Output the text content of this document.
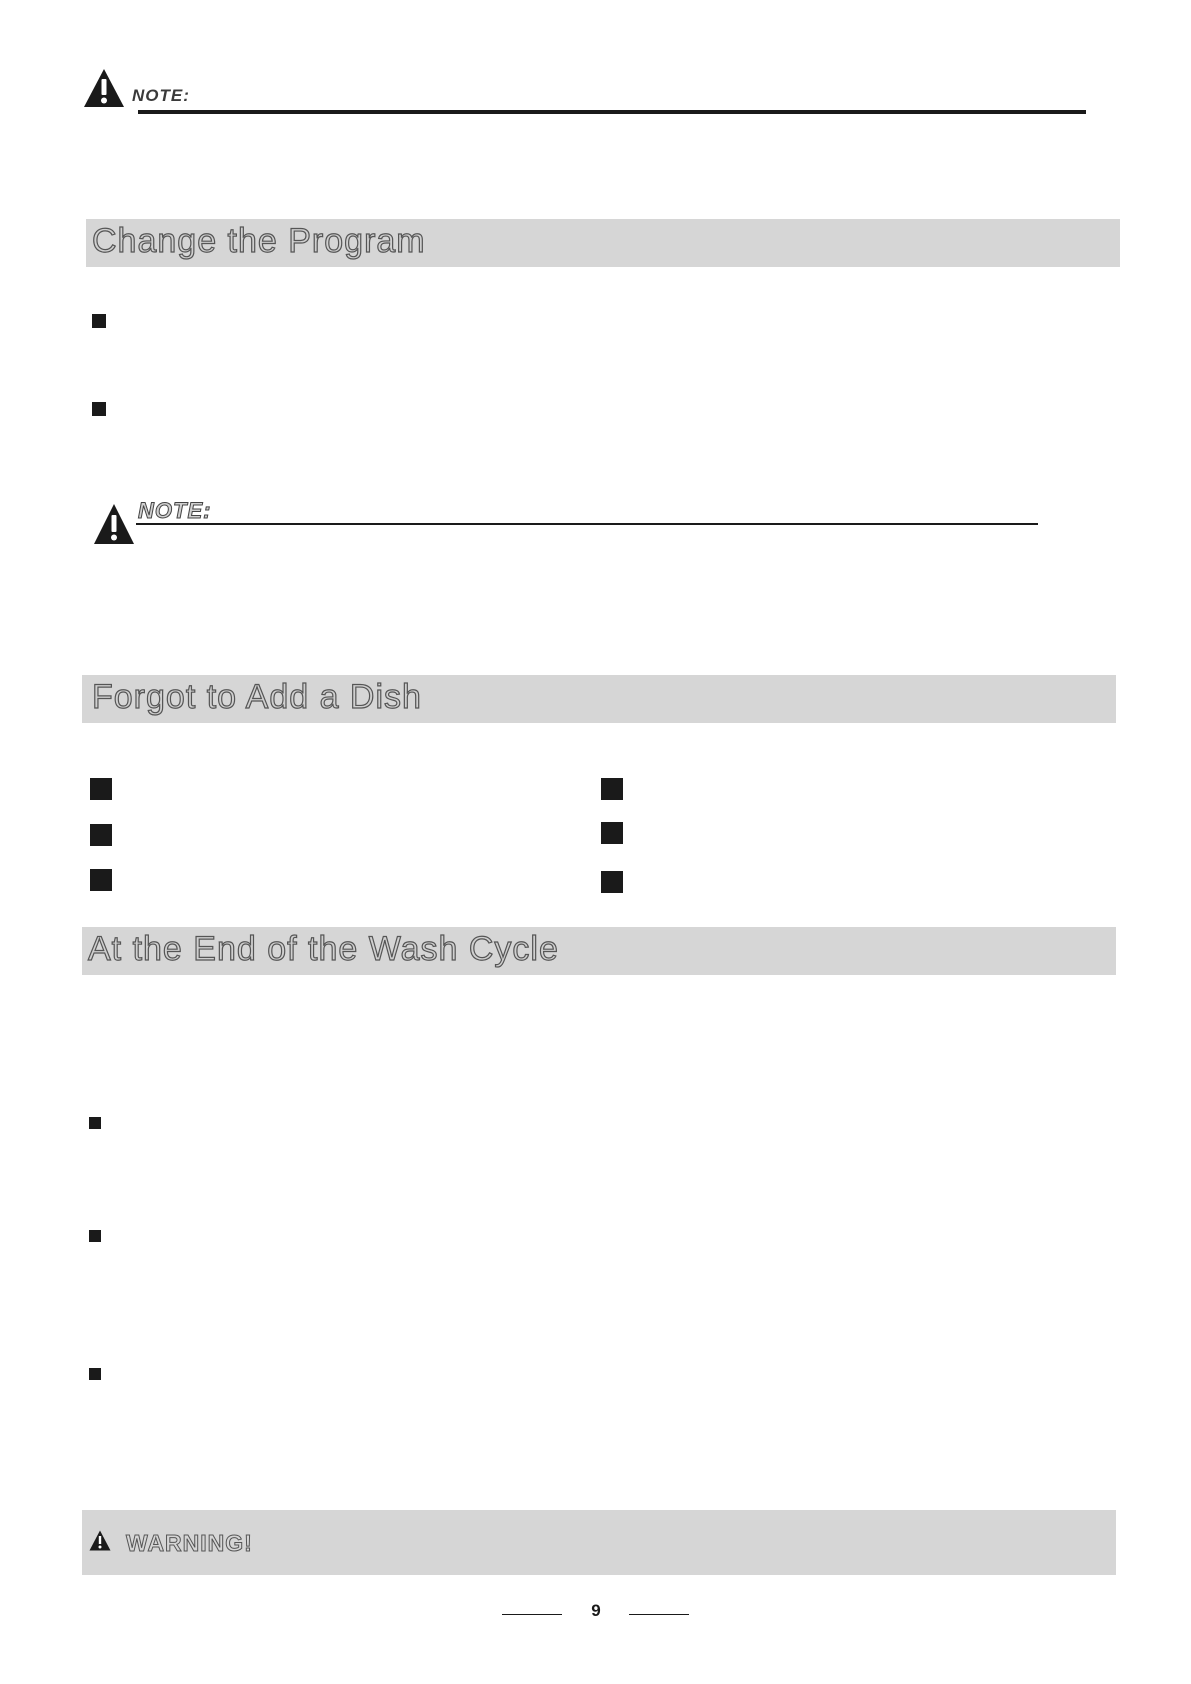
NOTE:
Change the Program
NOTE:
Forgot to Add a Dish
At the End of the Wash Cycle
WARNING!
9
